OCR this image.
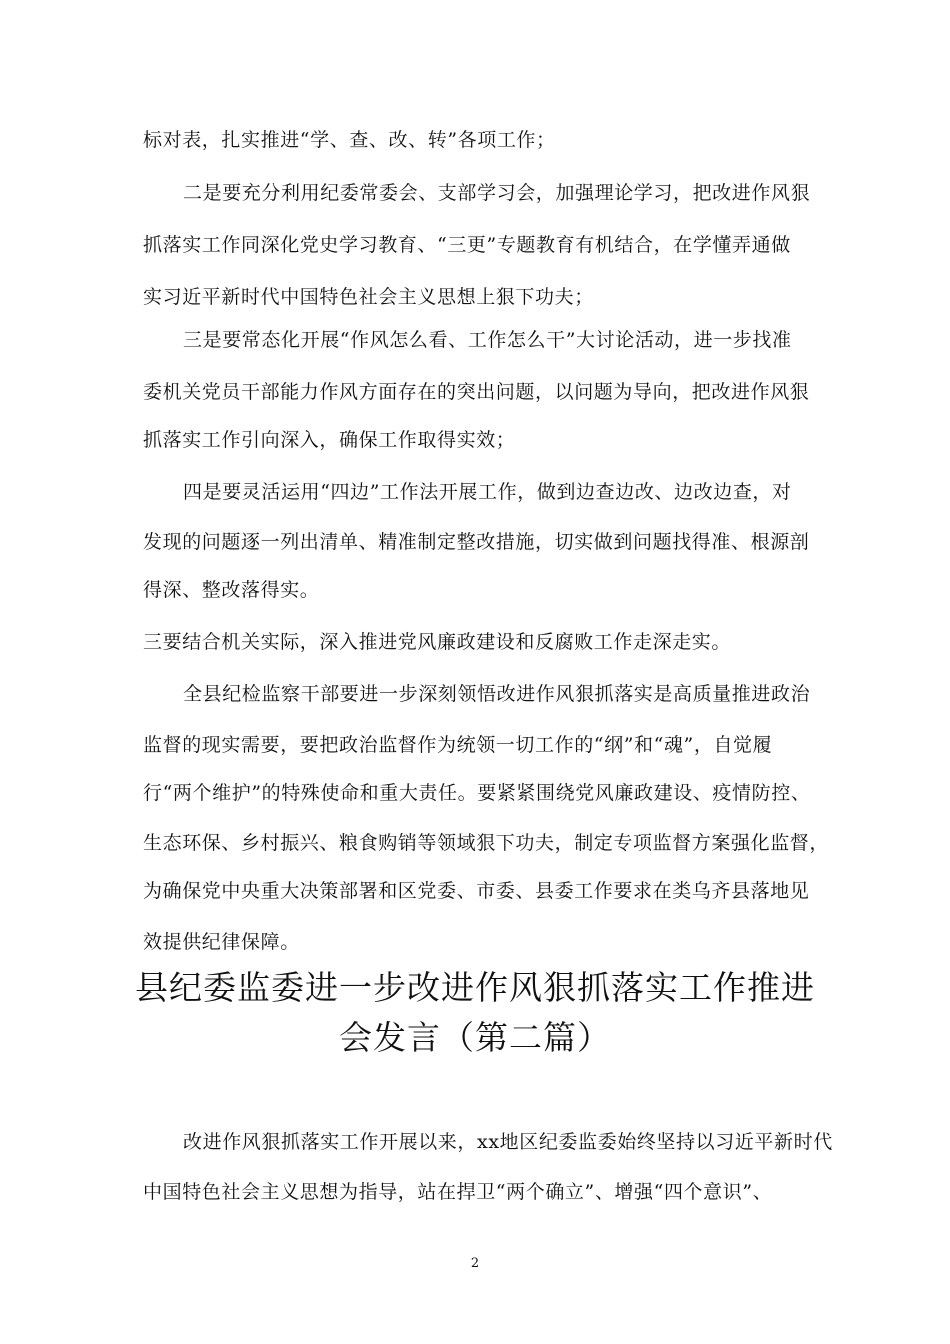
标对表，扎实推进“学、查、改、转”各项工作；
二是要充分利用纪委常委会、支部学习会，加强理论学习，把改进作风狠
抓落实工作同深化党史学习教育、“三更”专题教育有机结合，在学懂弄通做
实习近平新时代中国特色社会主义思想上狠下功夫；
三是要常态化开展“作风怎么看、工作怎么干”大讨论活动，进一步找准
委机关党员干部能力作风方面存在的突出问题，以问题为导向，把改进作风狠
抓落实工作引向深入，确保工作取得实效；
四是要灵活运用“四边”工作法开展工作，做到边查边改、边改边查，对
发现的问题逐一列出清单、精准制定整改措施，切实做到问题找得准、根源剖
得深、整改落得实。
三要结合机关实际，深入推进党风廉政建设和反腐败工作走深走实。
全县纪检监察干部要进一步深刻领悟改进作风狠抓落实是高质量推进政治
监督的现实需要，要把政治监督作为统领一切工作的“纲”和“魂”，自觉履
行“两个维护”的特殊使命和重大责任。要紧紧围绕党风廉政建设、疫情防控、
生态环保、乡村振兴、粮食购销等领域狠下功夫，制定专项监督方案强化监督，
为确保党中央重大决策部署和区党委、市委、县委工作要求在类乌齐县落地见
效提供纪律保障。
县纪委监委进一步改进作风狠抓落实工作推进
会发言（第二篇）
改进作风狠抓落实工作开展以来，xx地区纪委监委始终坚持以习近平新时代
中国特色社会主义思想为指导，站在捍卫“两个确立”、增强“四个意识”、
2
